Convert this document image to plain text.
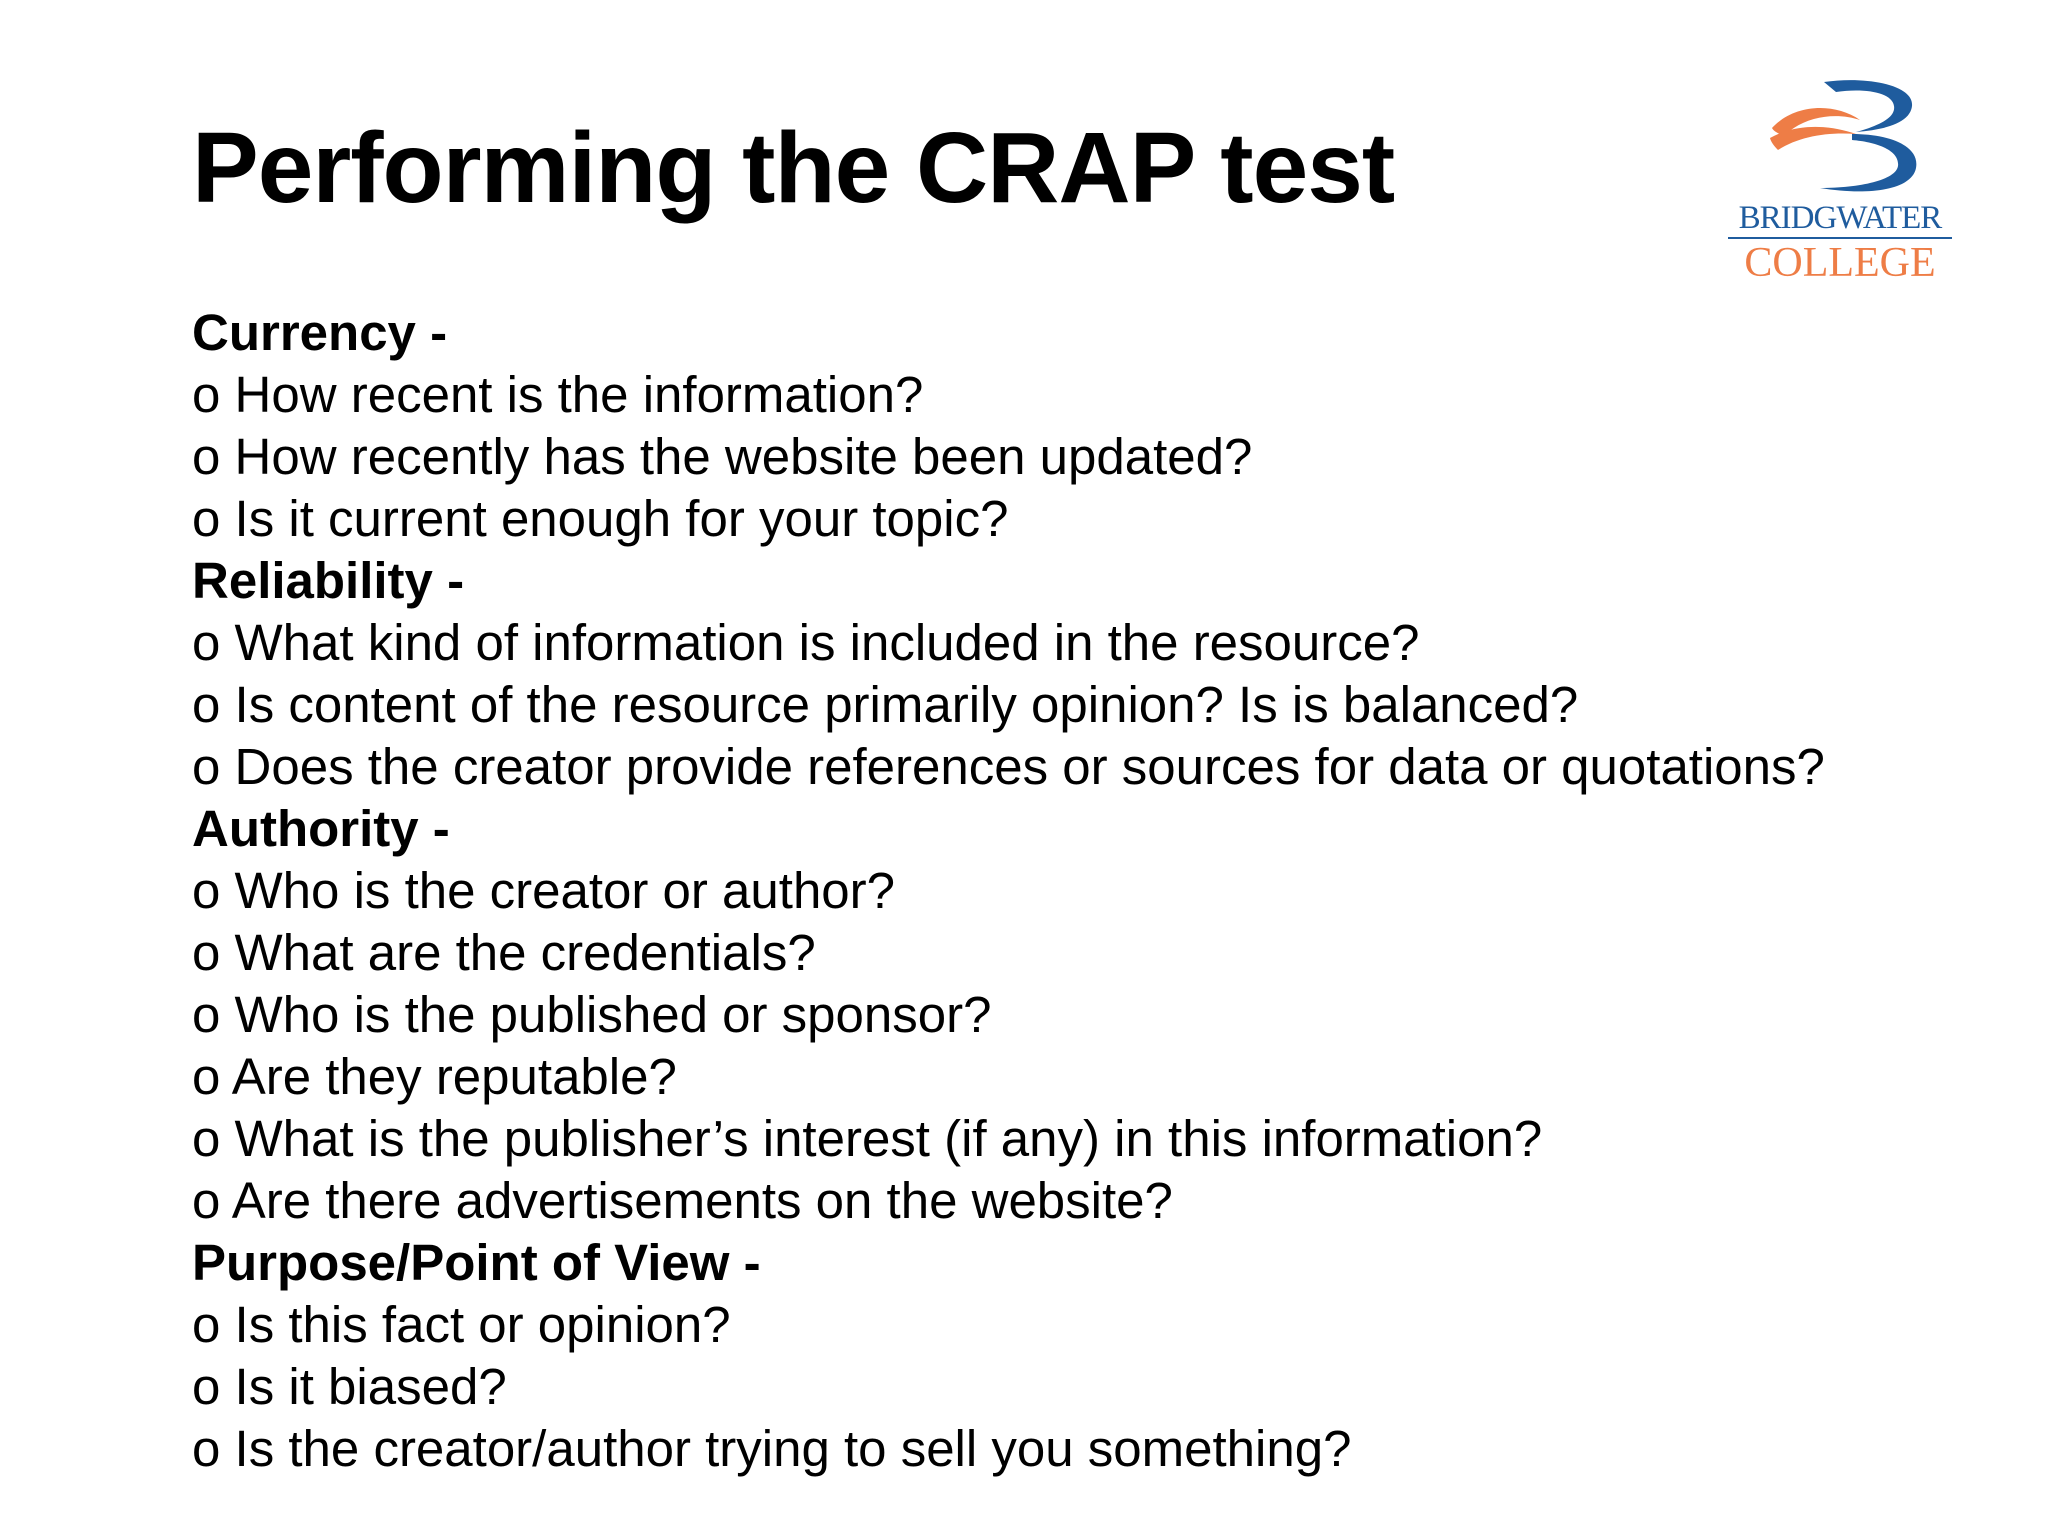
Performing the CRAP test	BRIDGWATER
COLLEGE
Currency -
o How recent is the information?
o How recently has the website been updated?
o Is it current enough for your topic?
Reliability -
o What kind of information is included in the resource?
o Is content of the resource primarily opinion? Is is balanced?
o Does the creator provide references or sources for data or quotations?
Authority -
o Who is the creator or author?
o What are the credentials?
o Who is the published or sponsor?
o Are they reputable?
o What is the publisher’s interest (if any) in this information?
o Are there advertisements on the website?
Purpose/Point of View -
o Is this fact or opinion?
o Is it biased?
o Is the creator/author trying to sell you something?
